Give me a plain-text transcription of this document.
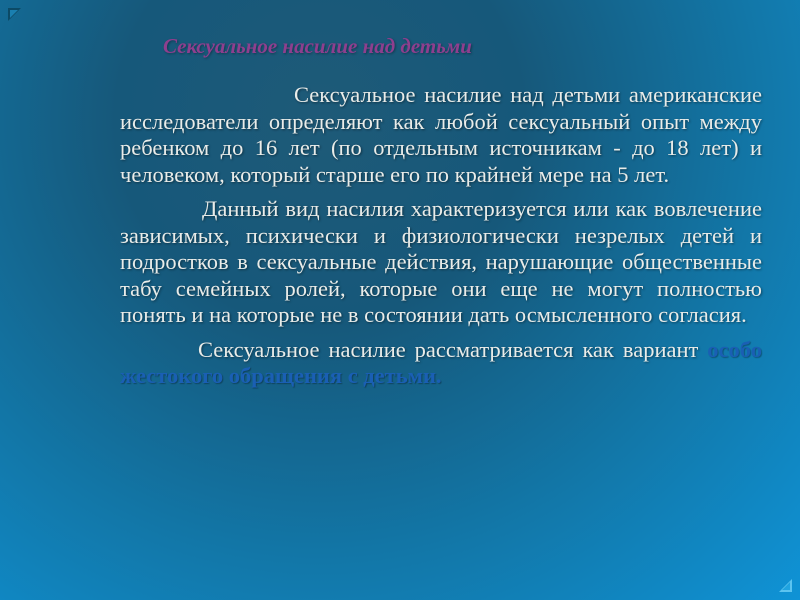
Сексуальное насилие над детьми

Сексуальное насилие над детьми американские исследователи определяют как любой сексуальный опыт между ребенком до 16 лет (по отдельным источникам - до 18 лет) и человеком, который старше его по крайней мере на 5 лет.

Данный вид насилия характеризуется или как вовлечение зависимых, психически и физиологически незрелых детей и подростков в сексуальные действия, нарушающие общественные табу семейных ролей, которые они еще не могут полностью понять и на которые не в состоянии дать осмысленного согласия.

Сексуальное насилие рассматривается как вариант особо жестокого обращения с детьми.
